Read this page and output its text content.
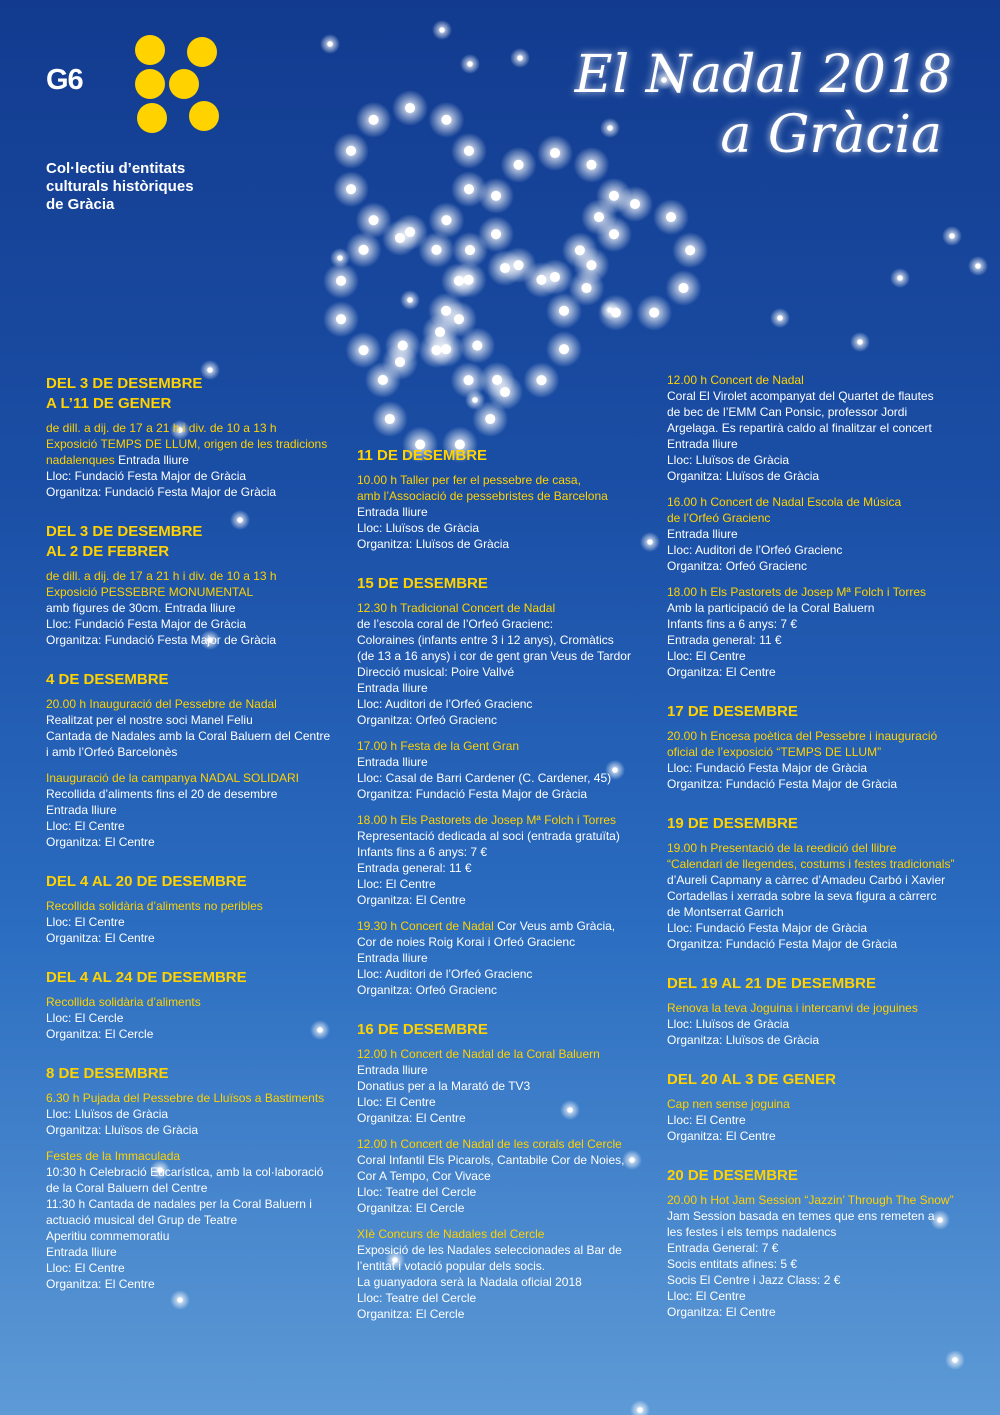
G6
Col·lectiu d’entitats
culturals històriques
de Gràcia
El Nadal 2018
a Gràcia
DEL 3 DE DESEMBRE
A L’11 DE GENER
de dill. a dij. de 17 a 21 h i div. de 10 a 13 h
Exposició TEMPS DE LLUM, origen de les tradicions
nadalenques Entrada lliure
Lloc: Fundació Festa Major de Gràcia
Organitza: Fundació Festa Major de Gràcia
DEL 3 DE DESEMBRE
AL 2 DE FEBRER
de dill. a dij. de 17 a 21 h i div. de 10 a 13 h
Exposició PESSEBRE MONUMENTAL
amb figures de 30cm. Entrada lliure
Lloc: Fundació Festa Major de Gràcia
Organitza: Fundació Festa Major de Gràcia
4 DE DESEMBRE
20.00 h Inauguració del Pessebre de Nadal
Realitzat per el nostre soci Manel Feliu
Cantada de Nadales amb la Coral Baluern del Centre
i amb l’Orfeó Barcelonès
Inauguració de la campanya NADAL SOLIDARI
Recollida d’aliments fins el 20 de desembre
Entrada lliure
Lloc: El Centre
Organitza: El Centre
DEL 4 AL 20 DE DESEMBRE
Recollida solidària d’aliments no peribles
Lloc: El Centre
Organitza: El Centre
DEL 4 AL 24 DE DESEMBRE
Recollida solidària d’aliments
Lloc: El Cercle
Organitza: El Cercle
8 DE DESEMBRE
6.30 h Pujada del Pessebre de Lluïsos a Bastiments
Lloc: Lluïsos de Gràcia
Organitza: Lluïsos de Gràcia
Festes de la Immaculada
10:30 h Celebració Eucarística, amb la col·laboració
de la Coral Baluern del Centre
11:30 h Cantada de nadales per la Coral Baluern i
actuació musical del Grup de Teatre
Aperitiu commemoratiu
Entrada lliure
Lloc: El Centre
Organitza: El Centre
11 DE DESEMBRE
10.00 h Taller per fer el pessebre de casa,
amb l’Associació de pessebristes de Barcelona
Entrada lliure
Lloc: Lluïsos de Gràcia
Organitza: Lluïsos de Gràcia
15 DE DESEMBRE
12.30 h Tradicional Concert de Nadal
de l’escola coral de l’Orfeó Gracienc:
Coloraines (infants entre 3 i 12 anys), Cromàtics
(de 13 a 16 anys) i cor de gent gran Veus de Tardor
Direcció musical: Poire Vallvé
Entrada lliure
Lloc: Auditori de l’Orfeó Gracienc
Organitza: Orfeó Gracienc
17.00 h Festa de la Gent Gran
Entrada lliure
Lloc: Casal de Barri Cardener (C. Cardener, 45)
Organitza: Fundació Festa Major de Gràcia
18.00 h Els Pastorets de Josep Mª Folch i Torres
Representació dedicada al soci (entrada gratuïta)
Infants fins a 6 anys: 7 €
Entrada general: 11 €
Lloc: El Centre
Organitza: El Centre
19.30 h Concert de Nadal Cor Veus amb Gràcia,
Cor de noies Roig Korai i Orfeó Gracienc
Entrada lliure
Lloc: Auditori de l’Orfeó Gracienc
Organitza: Orfeó Gracienc
16 DE DESEMBRE
12.00 h Concert de Nadal de la Coral Baluern
Entrada lliure
Donatius per a la Marató de TV3
Lloc: El Centre
Organitza: El Centre
12.00 h Concert de Nadal de les corals del Cercle
Coral Infantil Els Picarols, Cantabile Cor de Noies,
Cor A Tempo, Cor Vivace
Lloc: Teatre del Cercle
Organitza: El Cercle
XIè Concurs de Nadales del Cercle
Exposició de les Nadales seleccionades al Bar de
l’entitat i votació popular dels socis.
La guanyadora serà la Nadala oficial 2018
Lloc: Teatre del Cercle
Organitza: El Cercle
12.00 h Concert de Nadal
Coral El Virolet acompanyat del Quartet de flautes
de bec de l’EMM Can Ponsic, professor Jordi
Argelaga. Es repartirà caldo al finalitzar el concert
Entrada lliure
Lloc: Lluïsos de Gràcia
Organitza: Lluïsos de Gràcia
16.00 h Concert de Nadal Escola de Música
de l’Orfeó Gracienc
Entrada lliure
Lloc: Auditori de l’Orfeó Gracienc
Organitza: Orfeó Gracienc
18.00 h Els Pastorets de Josep Mª Folch i Torres
Amb la participació de la Coral Baluern
Infants fins a 6 anys: 7 €
Entrada general: 11 €
Lloc: El Centre
Organitza: El Centre
17 DE DESEMBRE
20.00 h Encesa poètica del Pessebre i inauguració
oficial de l’exposició “TEMPS DE LLUM”
Lloc: Fundació Festa Major de Gràcia
Organitza: Fundació Festa Major de Gràcia
19 DE DESEMBRE
19.00 h Presentació de la reedició del llibre
“Calendari de llegendes, costums i festes tradicionals”
d’Aureli Capmany a càrrec d’Amadeu Carbó i Xavier
Cortadellas i xerrada sobre la seva figura a càrrerc
de Montserrat Garrich
Lloc: Fundació Festa Major de Gràcia
Organitza: Fundació Festa Major de Gràcia
DEL 19 AL 21 DE DESEMBRE
Renova la teva Joguina i intercanvi de joguines
Lloc: Lluïsos de Gràcia
Organitza: Lluïsos de Gràcia
DEL 20 AL 3 DE GENER
Cap nen sense joguina
Lloc: El Centre
Organitza: El Centre
20 DE DESEMBRE
20.00 h Hot Jam Session “Jazzin’ Through The Snow”
Jam Session basada en temes que ens remeten a
les festes i els temps nadalencs
Entrada General: 7 €
Socis entitats afines: 5 €
Socis El Centre i Jazz Class: 2 €
Lloc: El Centre
Organitza: El Centre
